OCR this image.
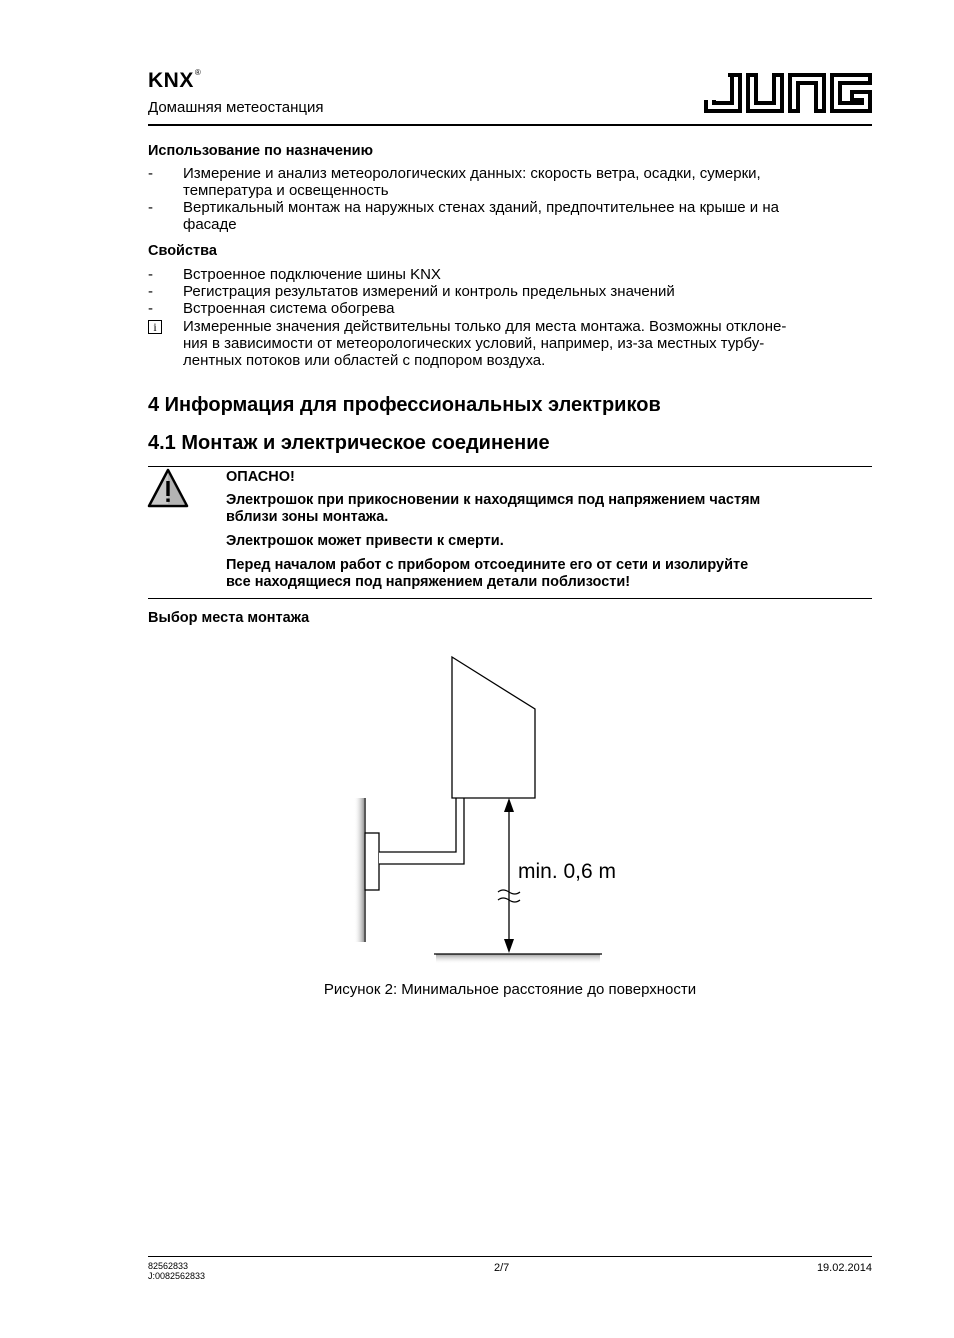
KNX®
Домашняя метеостанция
Использование по назначению
- Измерение и анализ метеорологических данных: скорость ветра, осадки, сумерки,
температура и освещенность
- Вертикальный монтаж на наружных стенах зданий, предпочтительнее на крыше и на
фасаде
Свойства
- Встроенное подключение шины KNX
- Регистрация результатов измерений и контроль предельных значений
- Встроенная система обогрева
i	Измеренные значения действительны только для места монтажа. Возможны отклоне-
ния в зависимости от метеорологических условий, например, из-за местных турбу-
лентных потоков или областей с подпором воздуха.
4 Информация для профессиональных электриков
4.1 Монтаж и электрическое соединение
ОПАСНО!
Электрошок при прикосновении к находящимся под напряжением частям
вблизи зоны монтажа.
Электрошок может привести к смерти.
Перед началом работ с прибором отсоедините его от сети и изолируйте
все находящиеся под напряжением детали поблизости!
Выбор места монтажа
min. 0,6 m
Рисунок 2: Минимальное расстояние до поверхности
82562833
J:0082562833
2/7	19.02.2014
